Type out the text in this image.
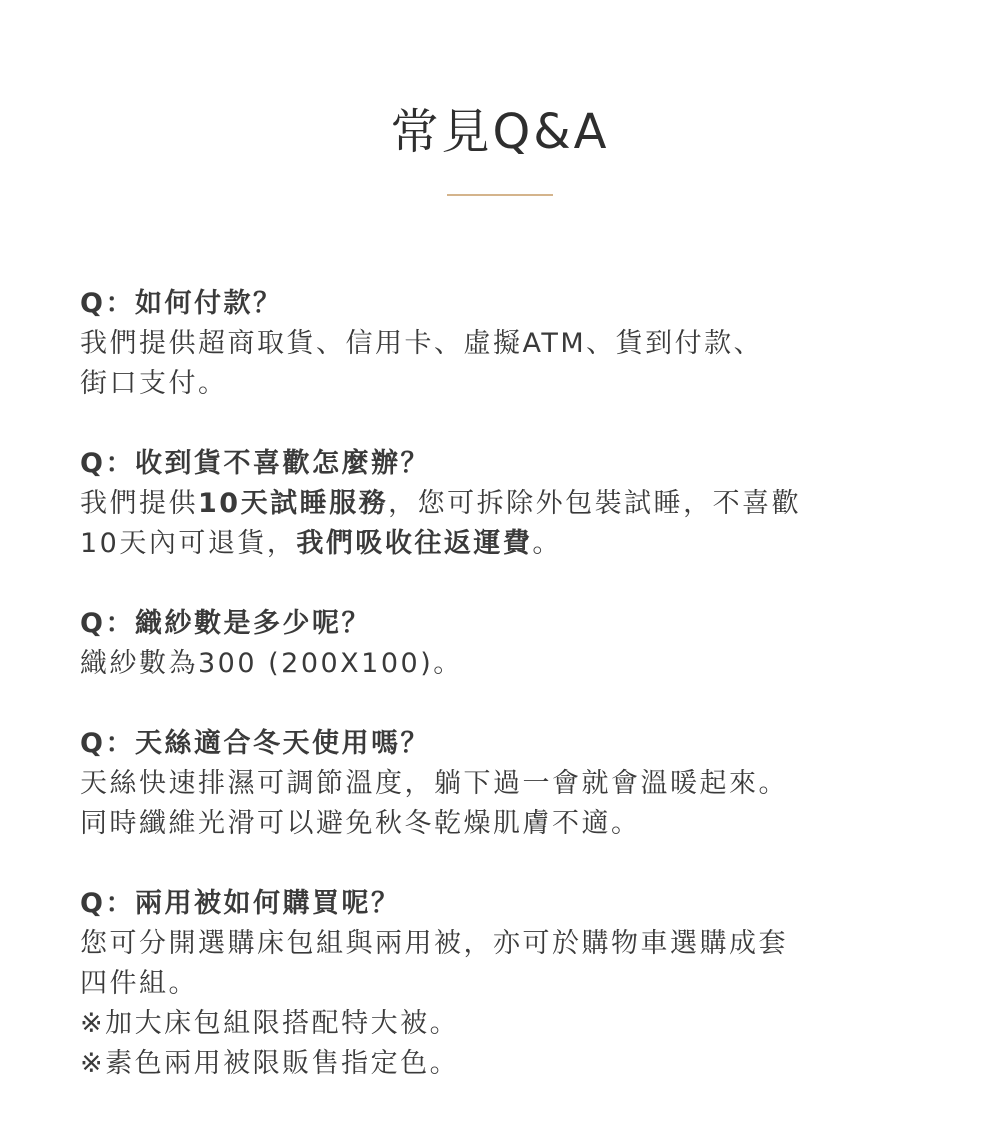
常見Q&A
Q：如何付款？
我們提供超商取貨、信用卡、虛擬ATM、貨到付款、
街口支付。
Q：收到貨不喜歡怎麼辦？
我們提供10天試睡服務，您可拆除外包裝試睡，不喜歡
10天內可退貨，我們吸收往返運費。
Q：織紗數是多少呢？
織紗數為300 (200X100)。
Q：天絲適合冬天使用嗎？
天絲快速排濕可調節溫度，躺下過一會就會溫暖起來。
同時纖維光滑可以避免秋冬乾燥肌膚不適。
Q：兩用被如何購買呢？
您可分開選購床包組與兩用被，亦可於購物車選購成套
四件組。
※加大床包組限搭配特大被。
※素色兩用被限販售指定色。
